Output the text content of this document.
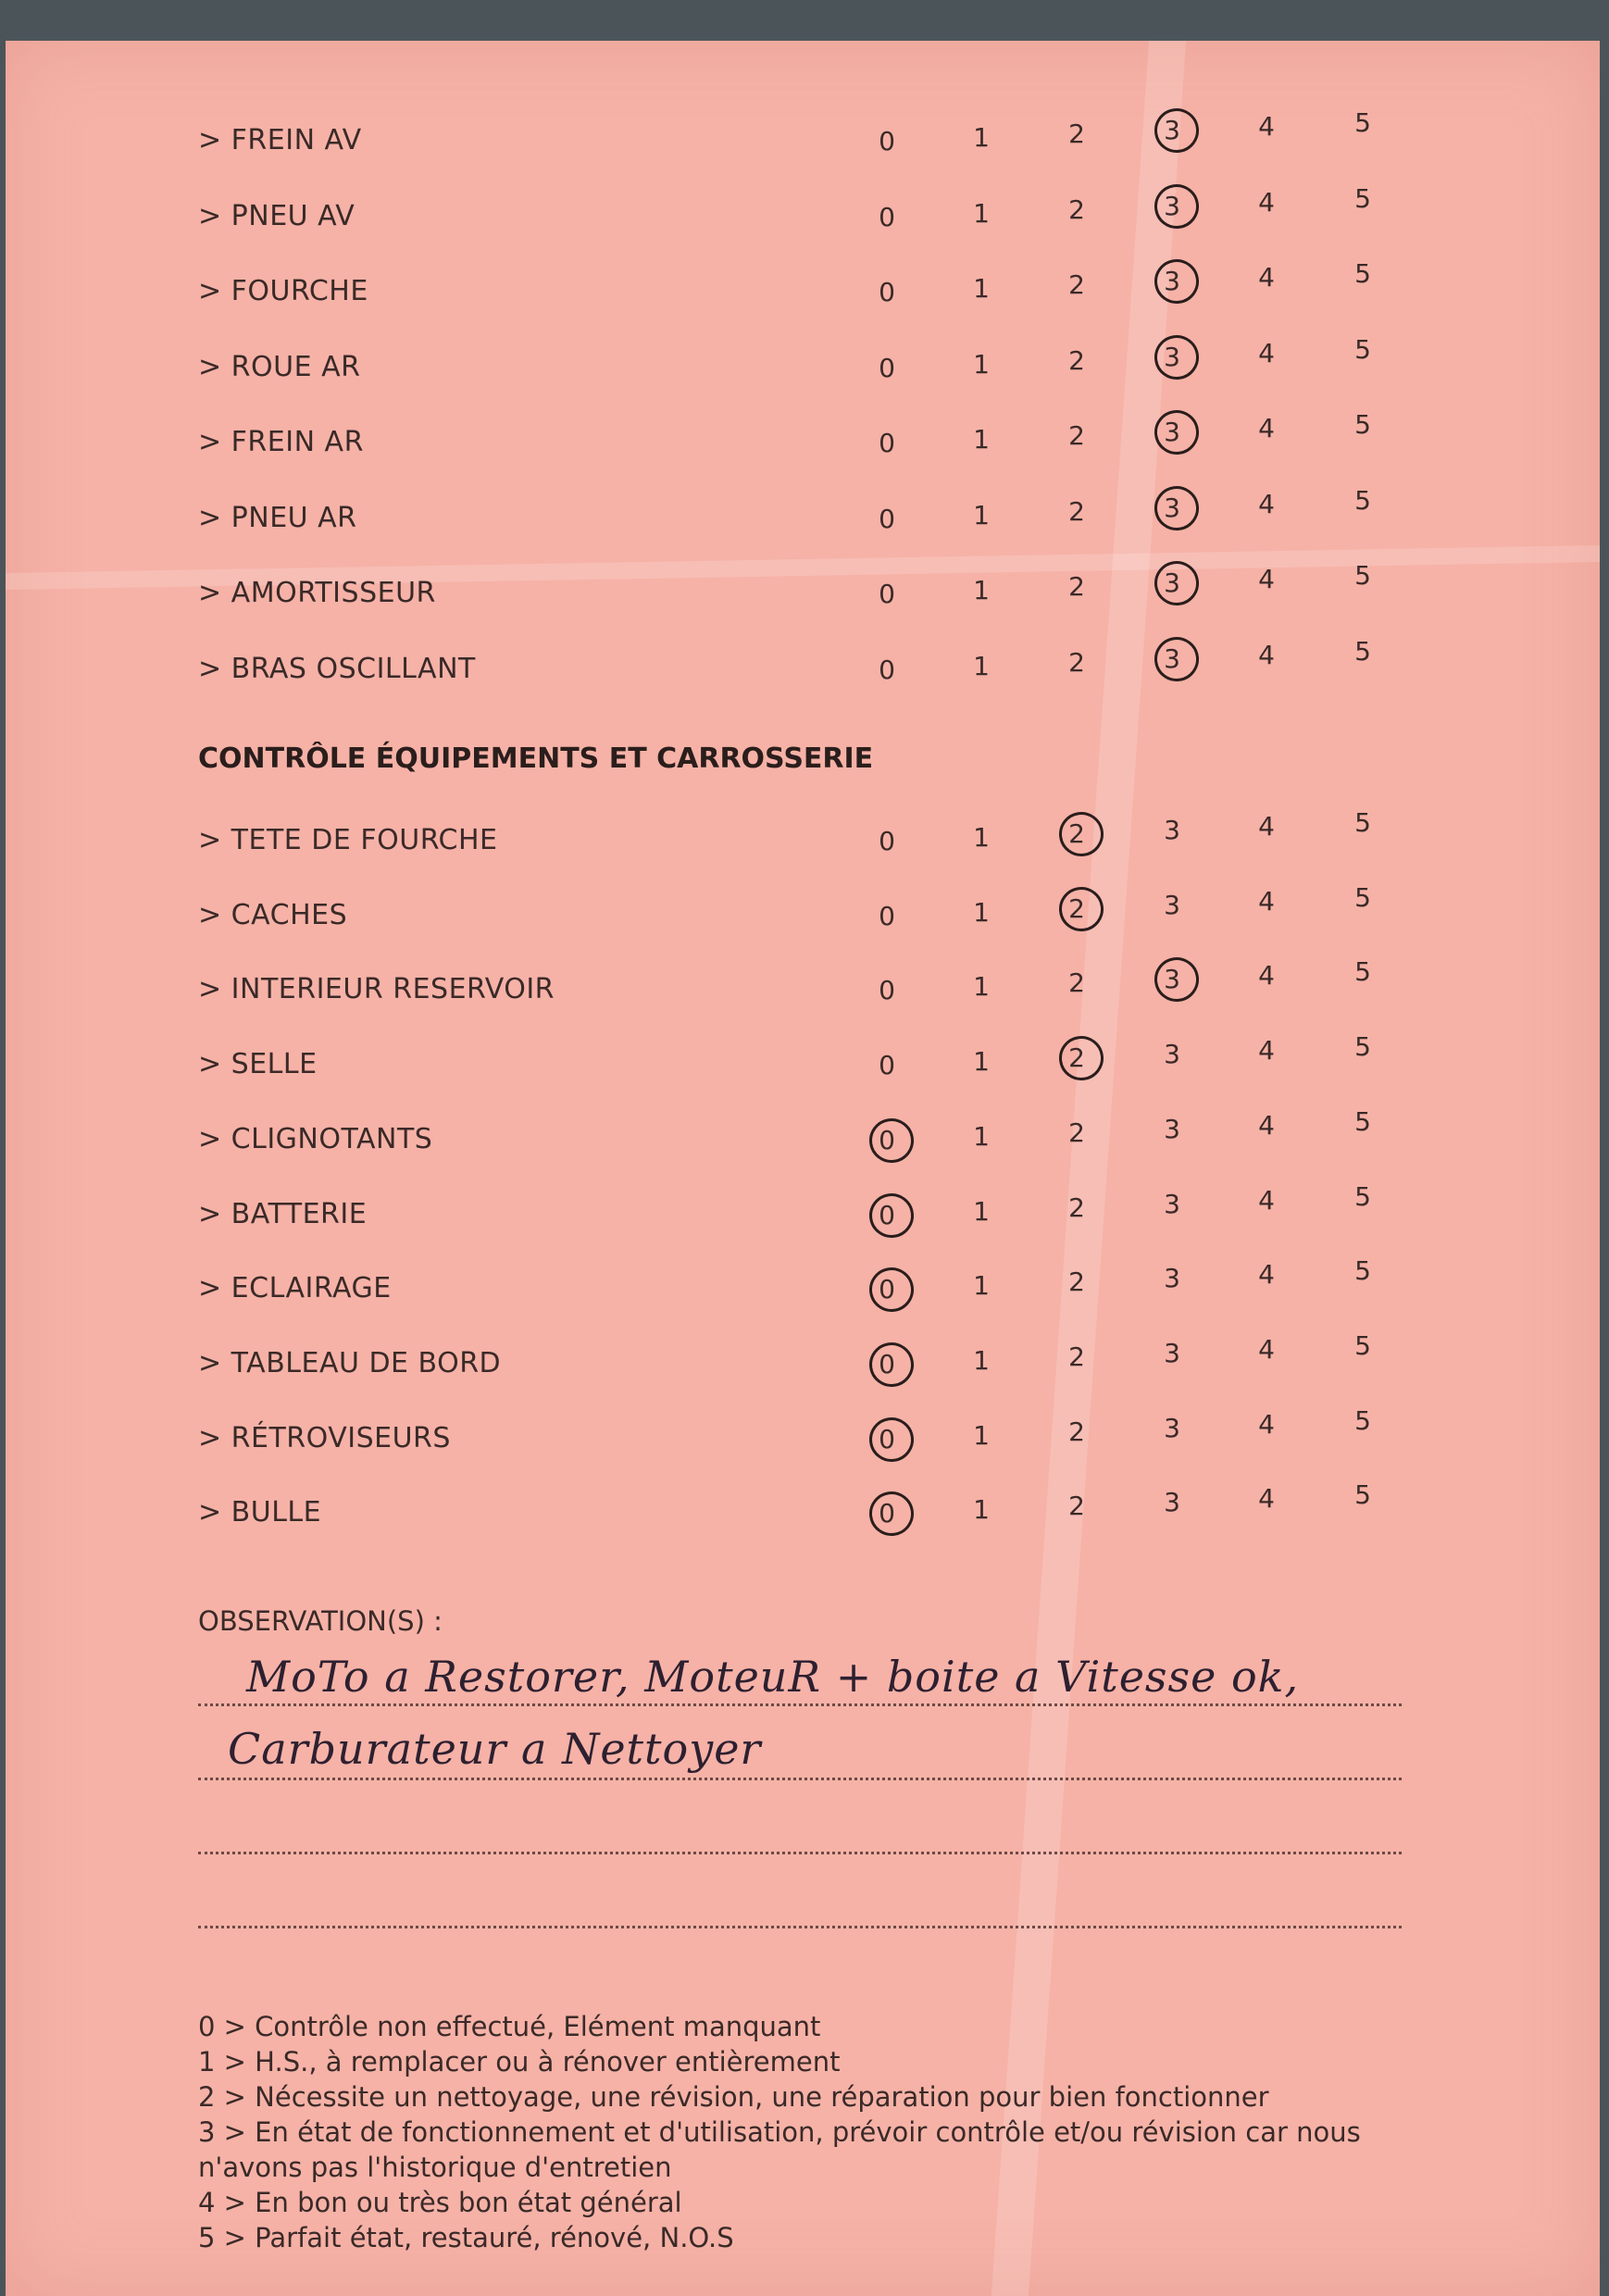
> FREIN AV	0	1	2	3	4	5
> PNEU AV	0	1	2	3	4	5
> FOURCHE	0	1	2	3	4	5
> ROUE AR	0	1	2	3	4	5
> FREIN AR	0	1	2	3	4	5
> PNEU AR	0	1	2	3	4	5
> AMORTISSEUR	0	1	2	3	4	5
> BRAS OSCILLANT	0	1	2	3	4	5
CONTRÔLE ÉQUIPEMENTS ET CARROSSERIE
> TETE DE FOURCHE	0	1	2	3	4	5
> CACHES	0	1	2	3	4	5
> INTERIEUR RESERVOIR	0	1	2	3	4	5
> SELLE	0	1	2	3	4	5
> CLIGNOTANTS	0	1	2	3	4	5
> BATTERIE	0	1	2	3	4	5
> ECLAIRAGE	0	1	2	3	4	5
> TABLEAU DE BORD	0	1	2	3	4	5
> RÉTROVISEURS	0	1	2	3	4	5
> BULLE	0	1	2	3	4	5
OBSERVATION(S) :
MoTo a Restorer, MoteuR + boite a Vitesse ok,
Carburateur a Nettoyer
0 > Contrôle non effectué, Elément manquant
1 > H.S., à remplacer ou à rénover entièrement
2 > Nécessite un nettoyage, une révision, une réparation pour bien fonctionner
3 > En état de fonctionnement et d'utilisation, prévoir contrôle et/ou révision car nous
n'avons pas l'historique d'entretien
4 > En bon ou très bon état général
5 > Parfait état, restauré, rénové, N.O.S
